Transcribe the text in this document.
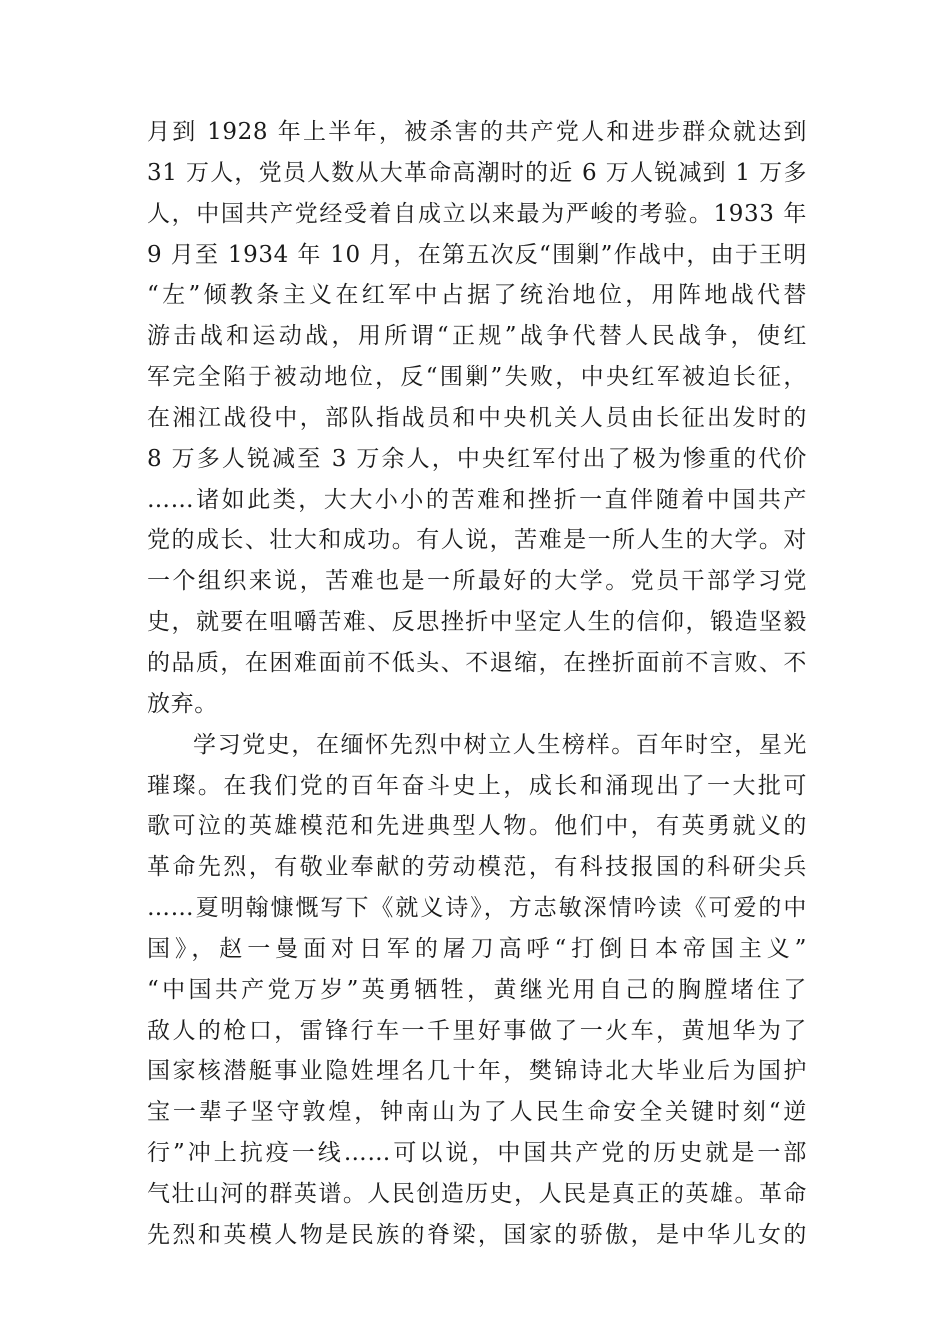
月到 1928 年上半年，被杀害的共产党人和进步群众就达到
31 万人，党员人数从大革命高潮时的近 6 万人锐减到 1 万多
人，中国共产党经受着自成立以来最为严峻的考验。1933 年
9 月至 1934 年 10 月，在第五次反“围剿”作战中，由于王明
“左”倾教条主义在红军中占据了统治地位，用阵地战代替
游击战和运动战，用所谓“正规”战争代替人民战争，使红
军完全陷于被动地位，反“围剿”失败，中央红军被迫长征，
在湘江战役中，部队指战员和中央机关人员由长征出发时的
8 万多人锐减至 3 万余人，中央红军付出了极为惨重的代价
……诸如此类，大大小小的苦难和挫折一直伴随着中国共产
党的成长、壮大和成功。有人说，苦难是一所人生的大学。对
一个组织来说，苦难也是一所最好的大学。党员干部学习党
史，就要在咀嚼苦难、反思挫折中坚定人生的信仰，锻造坚毅
的品质，在困难面前不低头、不退缩，在挫折面前不言败、不
放弃。
学习党史，在缅怀先烈中树立人生榜样。百年时空，星光
璀璨。在我们党的百年奋斗史上，成长和涌现出了一大批可
歌可泣的英雄模范和先进典型人物。他们中，有英勇就义的
革命先烈，有敬业奉献的劳动模范，有科技报国的科研尖兵
……夏明翰慷慨写下《就义诗》，方志敏深情吟读《可爱的中
国》，赵一曼面对日军的屠刀高呼“打倒日本帝国主义”
“中国共产党万岁”英勇牺牲，黄继光用自己的胸膛堵住了
敌人的枪口，雷锋行车一千里好事做了一火车，黄旭华为了
国家核潜艇事业隐姓埋名几十年，樊锦诗北大毕业后为国护
宝一辈子坚守敦煌，钟南山为了人民生命安全关键时刻“逆
行”冲上抗疫一线……可以说，中国共产党的历史就是一部
气壮山河的群英谱。人民创造历史，人民是真正的英雄。革命
先烈和英模人物是民族的脊梁，国家的骄傲，是中华儿女的
